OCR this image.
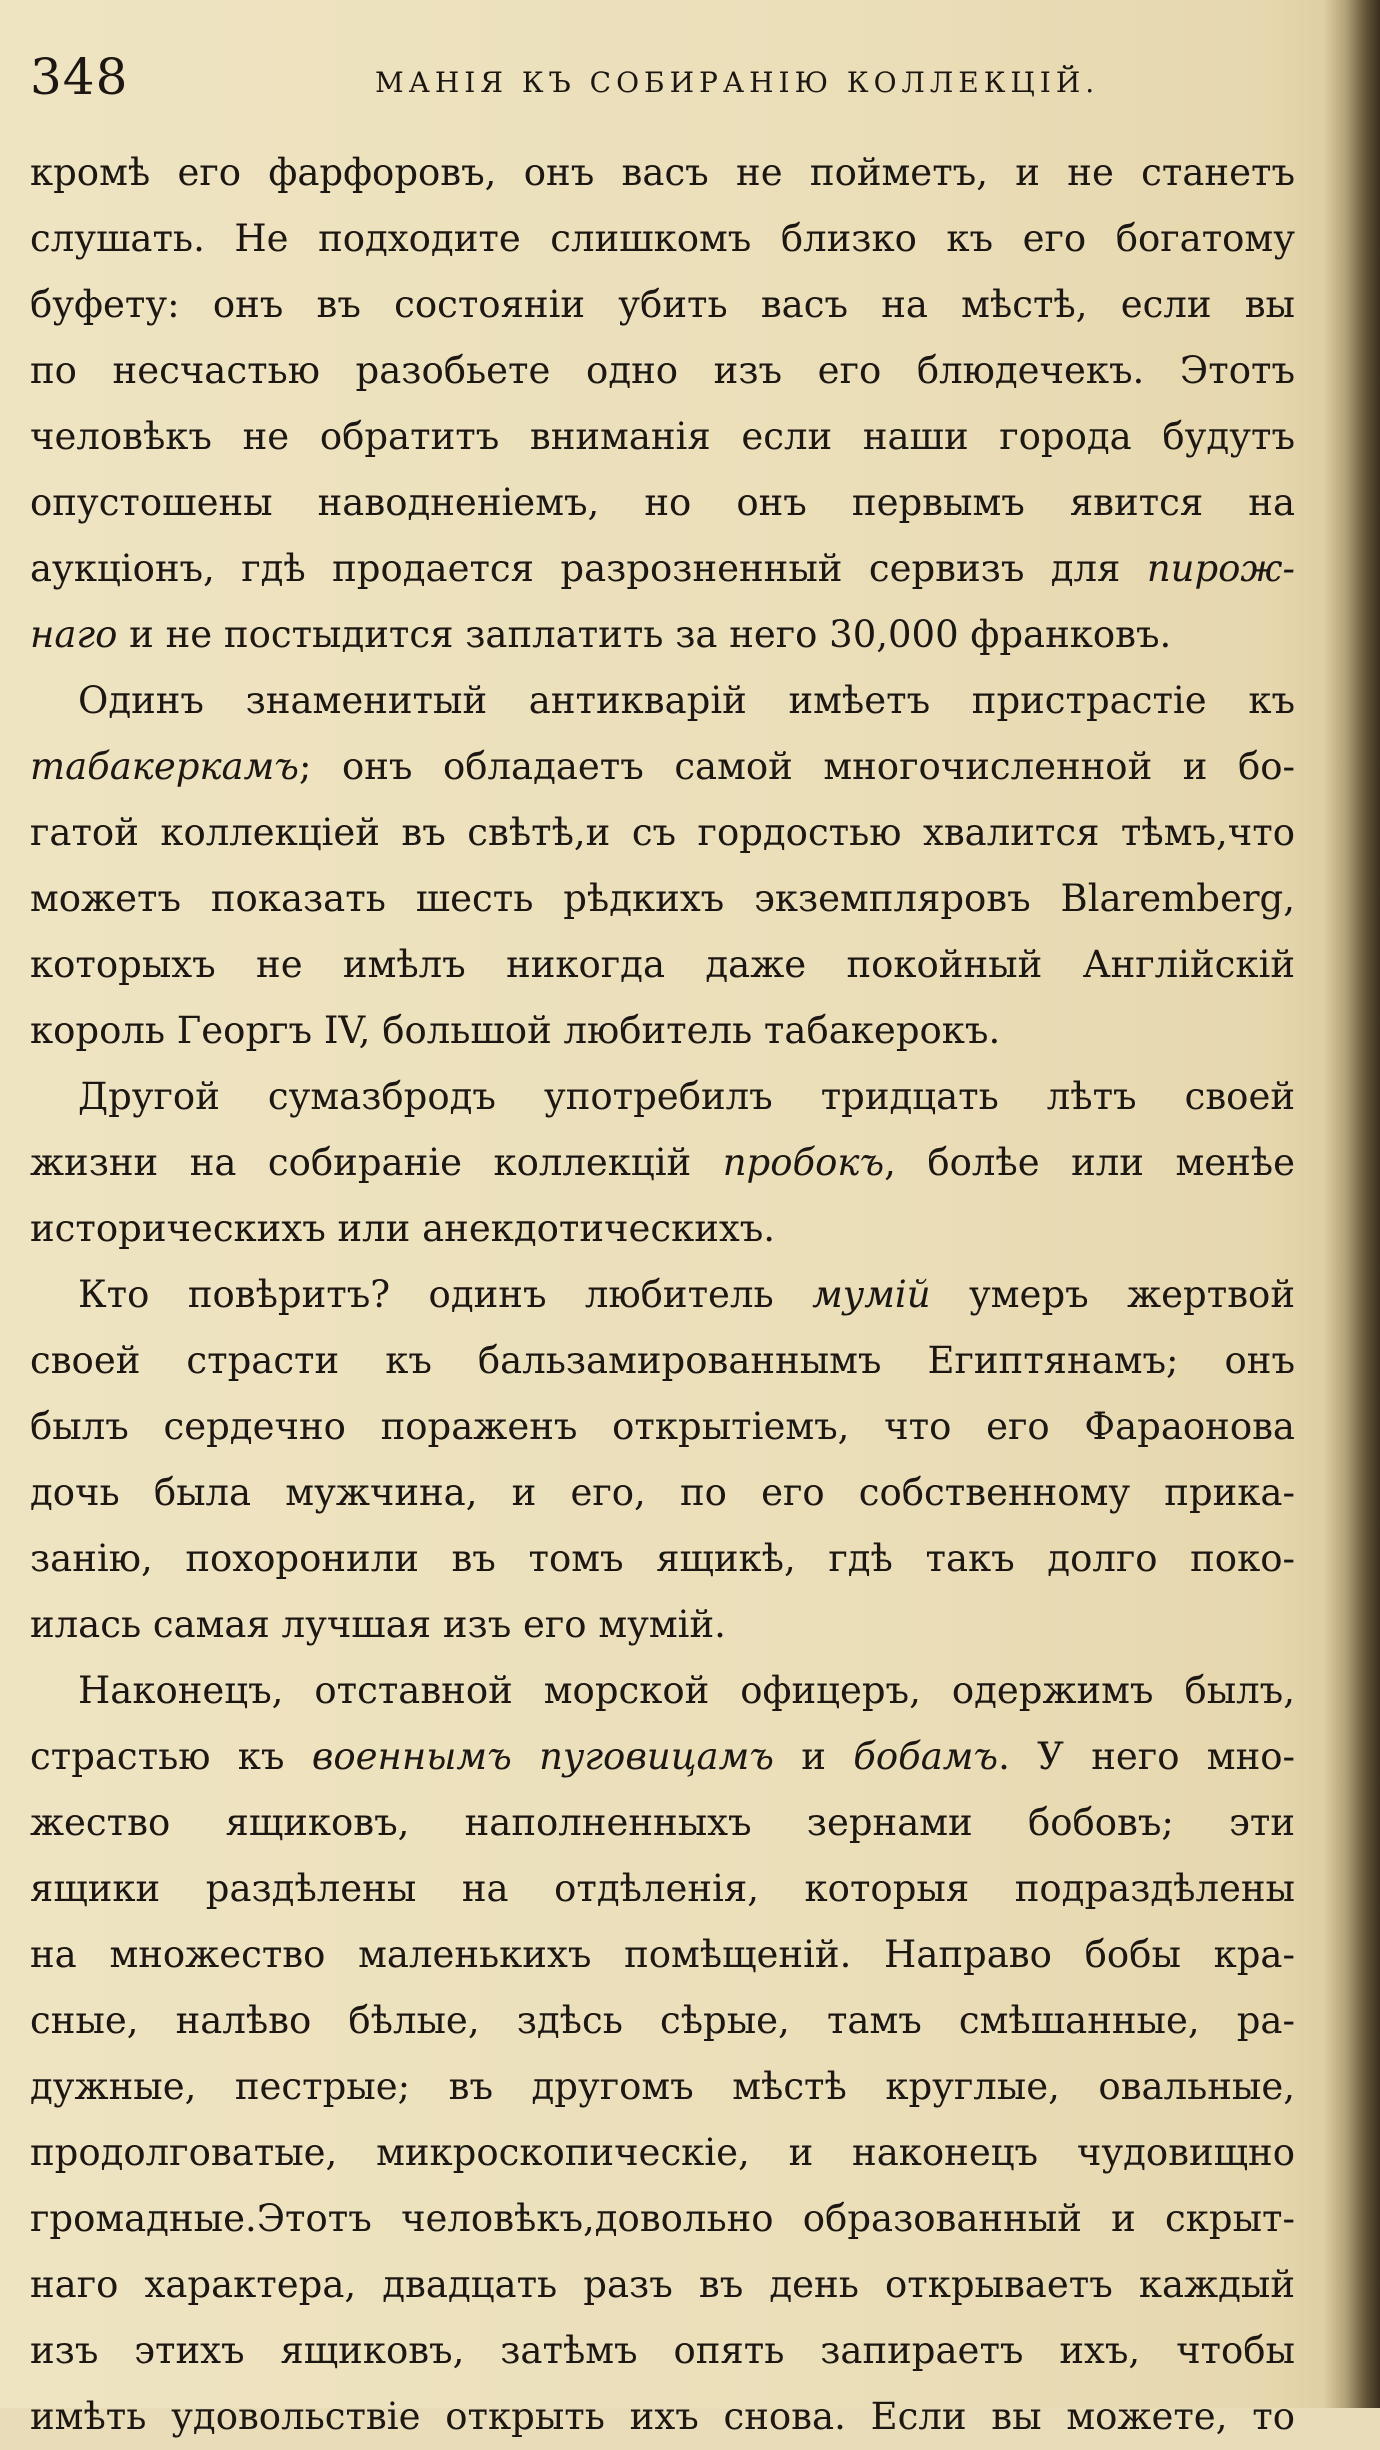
348	МАНІЯ КЪ СОБИРАНІЮ КОЛЛЕКЦІЙ.
кромѣ его фарфоровъ, онъ васъ не пойметъ, и не станетъ
слушать. Не подходите слишкомъ близко къ его богатому
буфету: онъ въ состояніи убить васъ на мѣстѣ, если вы
по несчастью разобьете одно изъ его блюдечекъ. Этотъ
человѣкъ не обратитъ вниманія если наши города будутъ
опустошены наводненіемъ, но онъ первымъ явится на
аукціонъ, гдѣ продается разрозненный сервизъ для пирож-
наго и не постыдится заплатить за него 30,000 франковъ.
Одинъ знаменитый антикварій имѣетъ пристрастіе къ
табакеркамъ; онъ обладаетъ самой многочисленной и бо-
гатой коллекціей въ свѣтѣ,и съ гордостью хвалится тѣмъ,что
можетъ показать шесть рѣдкихъ экземпляровъ Blaremberg,
которыхъ не имѣлъ никогда даже покойный Англійскій
король Георгъ IV, большой любитель табакерокъ.
Другой сумазбродъ употребилъ тридцать лѣтъ своей
жизни на собираніе коллекцій пробокъ, болѣе или менѣе
историческихъ или анекдотическихъ.
Кто повѣритъ? одинъ любитель мумій умеръ жертвой
своей страсти къ бальзамированнымъ Египтянамъ; онъ
былъ сердечно пораженъ открытіемъ, что его Фараонова
дочь была мужчина, и его, по его собственному прика-
занію, похоронили въ томъ ящикѣ, гдѣ такъ долго поко-
илась самая лучшая изъ его мумій.
Наконецъ, отставной морской офицеръ, одержимъ былъ,
страстью къ военнымъ пуговицамъ и бобамъ. У него мно-
жество ящиковъ, наполненныхъ зернами бобовъ; эти
ящики раздѣлены на отдѣленія, которыя подраздѣлены
на множество маленькихъ помѣщеній. Направо бобы кра-
сные, налѣво бѣлые, здѣсь сѣрые, тамъ смѣшанные, ра-
дужные, пестрые; въ другомъ мѣстѣ круглые, овальные,
продолговатые, микроскопическіе, и наконецъ чудовищно
громадные.Этотъ человѣкъ,довольно образованный и скрыт-
наго характера, двадцать разъ въ день открываетъ каждый
изъ этихъ ящиковъ, затѣмъ опять запираетъ ихъ, чтобы
имѣть удовольствіе открыть ихъ снова. Если вы можете, то
